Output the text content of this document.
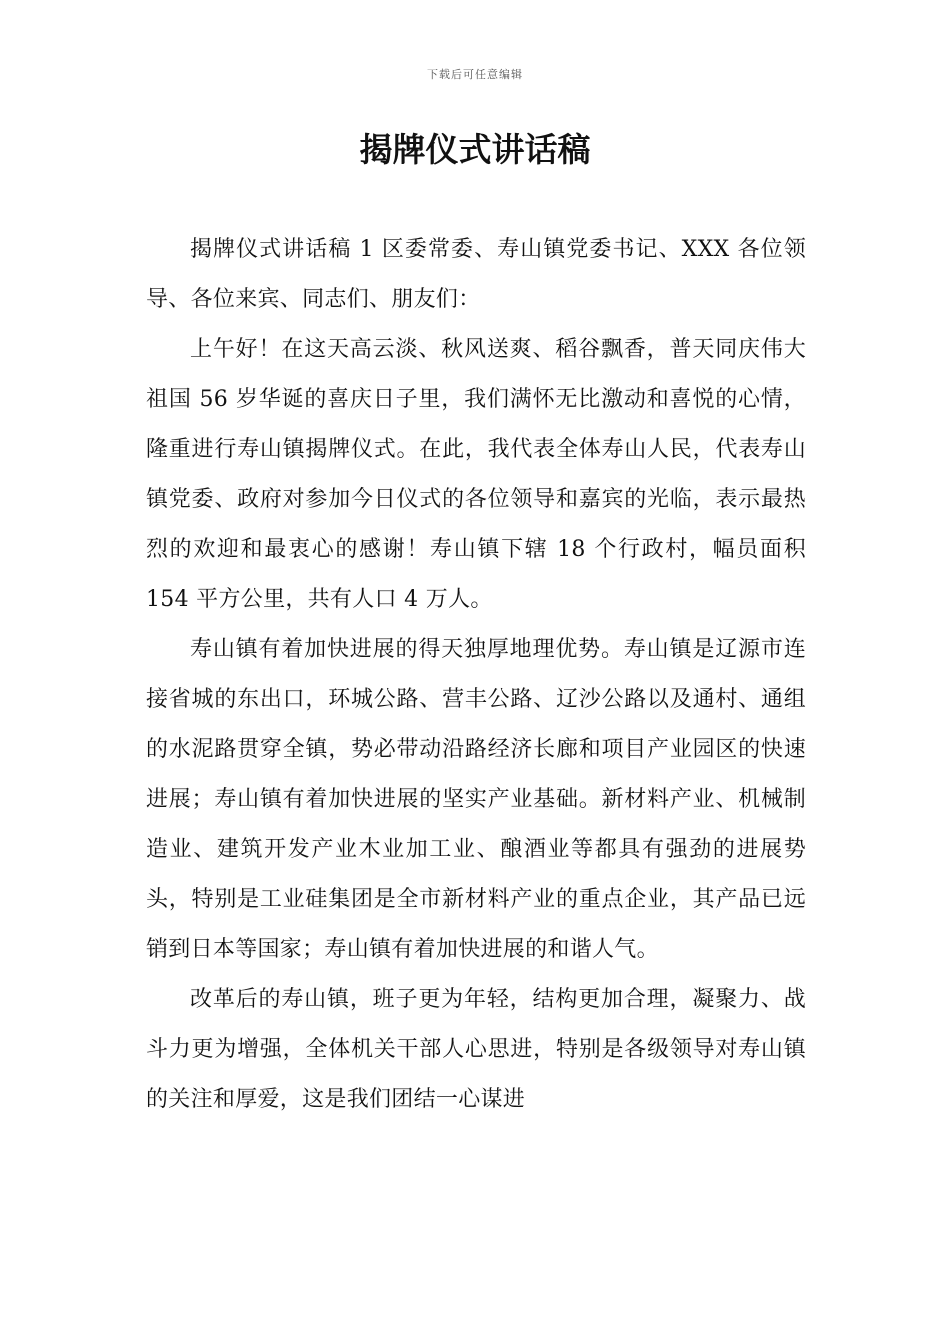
下载后可任意编辑
揭牌仪式讲话稿

揭牌仪式讲话稿 1 区委常委、寿山镇党委书记、XXX 各位领导、各位来宾、同志们、朋友们：

上午好！在这天高云淡、秋风送爽、稻谷飘香，普天同庆伟大祖国 56 岁华诞的喜庆日子里，我们满怀无比激动和喜悦的心情，隆重进行寿山镇揭牌仪式。在此，我代表全体寿山人民，代表寿山镇党委、政府对参加今日仪式的各位领导和嘉宾的光临，表示最热烈的欢迎和最衷心的感谢！寿山镇下辖 18 个行政村，幅员面积 154 平方公里，共有人口 4 万人。

寿山镇有着加快进展的得天独厚地理优势。寿山镇是辽源市连接省城的东出口，环城公路、营丰公路、辽沙公路以及通村、通组的水泥路贯穿全镇，势必带动沿路经济长廊和项目产业园区的快速进展；寿山镇有着加快进展的坚实产业基础。新材料产业、机械制造业、建筑开发产业木业加工业、酿酒业等都具有强劲的进展势头，特别是工业硅集团是全市新材料产业的重点企业，其产品已远销到日本等国家；寿山镇有着加快进展的和谐人气。

改革后的寿山镇，班子更为年轻，结构更加合理，凝聚力、战斗力更为增强，全体机关干部人心思进，特别是各级领导对寿山镇的关注和厚爱，这是我们团结一心谋进
